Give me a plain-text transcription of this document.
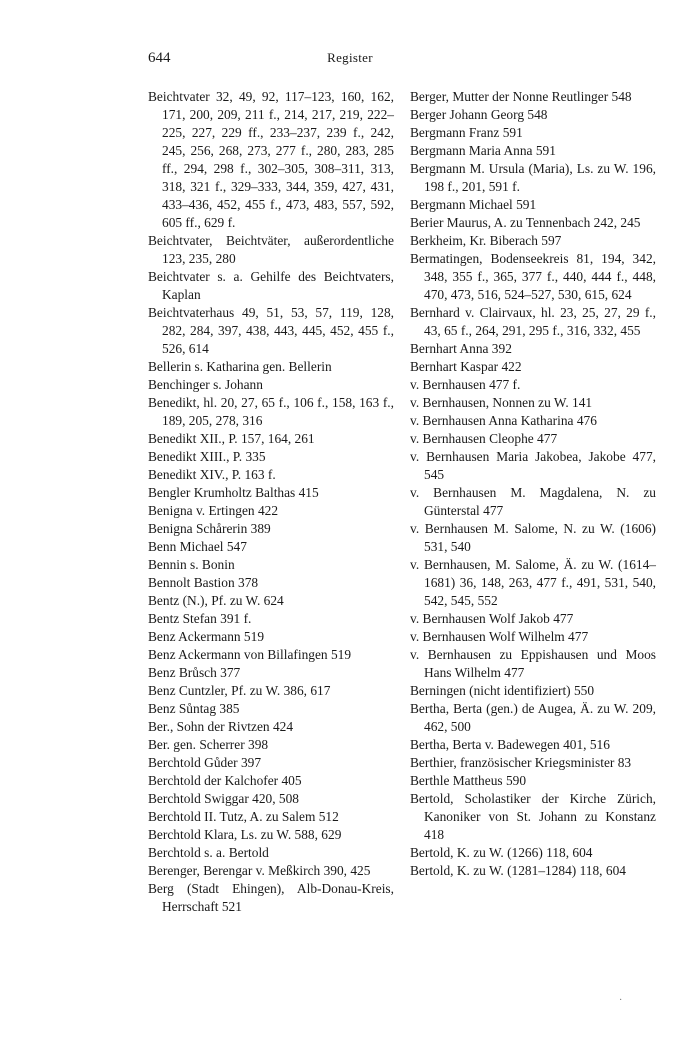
644	Register

Beichtvater 32, 49, 92, 117–123, 160, 162, 171, 200, 209, 211 f., 214, 217, 219, 222–225, 227, 229 ff., 233–237, 239 f., 242, 245, 256, 268, 273, 277 f., 280, 283, 285 ff., 294, 298 f., 302–305, 308–311, 313, 318, 321 f., 329–333, 344, 359, 427, 431, 433–436, 452, 455 f., 473, 483, 557, 592, 605 ff., 629 f.

Beichtvater, Beichtväter, außerordentliche 123, 235, 280

Beichtvater s. a. Gehilfe des Beichtvaters, Kaplan

Beichtvaterhaus 49, 51, 53, 57, 119, 128, 282, 284, 397, 438, 443, 445, 452, 455 f., 526, 614

Bellerin s. Katharina gen. Bellerin

Benchinger s. Johann

Benedikt, hl. 20, 27, 65 f., 106 f., 158, 163 f., 189, 205, 278, 316

Benedikt XII., P. 157, 164, 261

Benedikt XIII., P. 335

Benedikt XIV., P. 163 f.

Bengler Krumholtz Balthas 415

Benigna v. Ertingen 422

Benigna Schårerin 389

Benn Michael 547

Bennin s. Bonin

Bennolt Bastion 378

Bentz (N.), Pf. zu W. 624

Bentz Stefan 391 f.

Benz Ackermann 519

Benz Ackermann von Billafingen 519

Benz Brůsch 377

Benz Cuntzler, Pf. zu W. 386, 617

Benz Sůntag 385

Ber., Sohn der Rivtzen 424

Ber. gen. Scherrer 398

Berchtold Gůder 397

Berchtold der Kalchofer 405

Berchtold Swiggar 420, 508

Berchtold II. Tutz, A. zu Salem 512

Berchtold Klara, Ls. zu W. 588, 629

Berchtold s. a. Bertold

Berenger, Berengar v. Meßkirch 390, 425

Berg (Stadt Ehingen), Alb-Donau-Kreis, Herrschaft 521

Berger, Mutter der Nonne Reutlinger 548

Berger Johann Georg 548

Bergmann Franz 591

Bergmann Maria Anna 591

Bergmann M. Ursula (Maria), Ls. zu W. 196, 198 f., 201, 591 f.

Bergmann Michael 591

Berier Maurus, A. zu Tennenbach 242, 245

Berkheim, Kr. Biberach 597

Bermatingen, Bodenseekreis 81, 194, 342, 348, 355 f., 365, 377 f., 440, 444 f., 448, 470, 473, 516, 524–527, 530, 615, 624

Bernhard v. Clairvaux, hl. 23, 25, 27, 29 f., 43, 65 f., 264, 291, 295 f., 316, 332, 455

Bernhart Anna 392

Bernhart Kaspar 422

v. Bernhausen 477 f.

v. Bernhausen, Nonnen zu W. 141

v. Bernhausen Anna Katharina 476

v. Bernhausen Cleophe 477

v. Bernhausen Maria Jakobea, Jakobe 477, 545

v. Bernhausen M. Magdalena, N. zu Günterstal 477

v. Bernhausen M. Salome, N. zu W. (1606) 531, 540

v. Bernhausen, M. Salome, Ä. zu W. (1614–1681) 36, 148, 263, 477 f., 491, 531, 540, 542, 545, 552

v. Bernhausen Wolf Jakob 477

v. Bernhausen Wolf Wilhelm 477

v. Bernhausen zu Eppishausen und Moos Hans Wilhelm 477

Berningen (nicht identifiziert) 550

Bertha, Berta (gen.) de Augea, Ä. zu W. 209, 462, 500

Bertha, Berta v. Badewegen 401, 516

Berthier, französischer Kriegsminister 83

Berthle Mattheus 590

Bertold, Scholastiker der Kirche Zürich, Kanoniker von St. Johann zu Konstanz 418

Bertold, K. zu W. (1266) 118, 604

Bertold, K. zu W. (1281–1284) 118, 604

·
